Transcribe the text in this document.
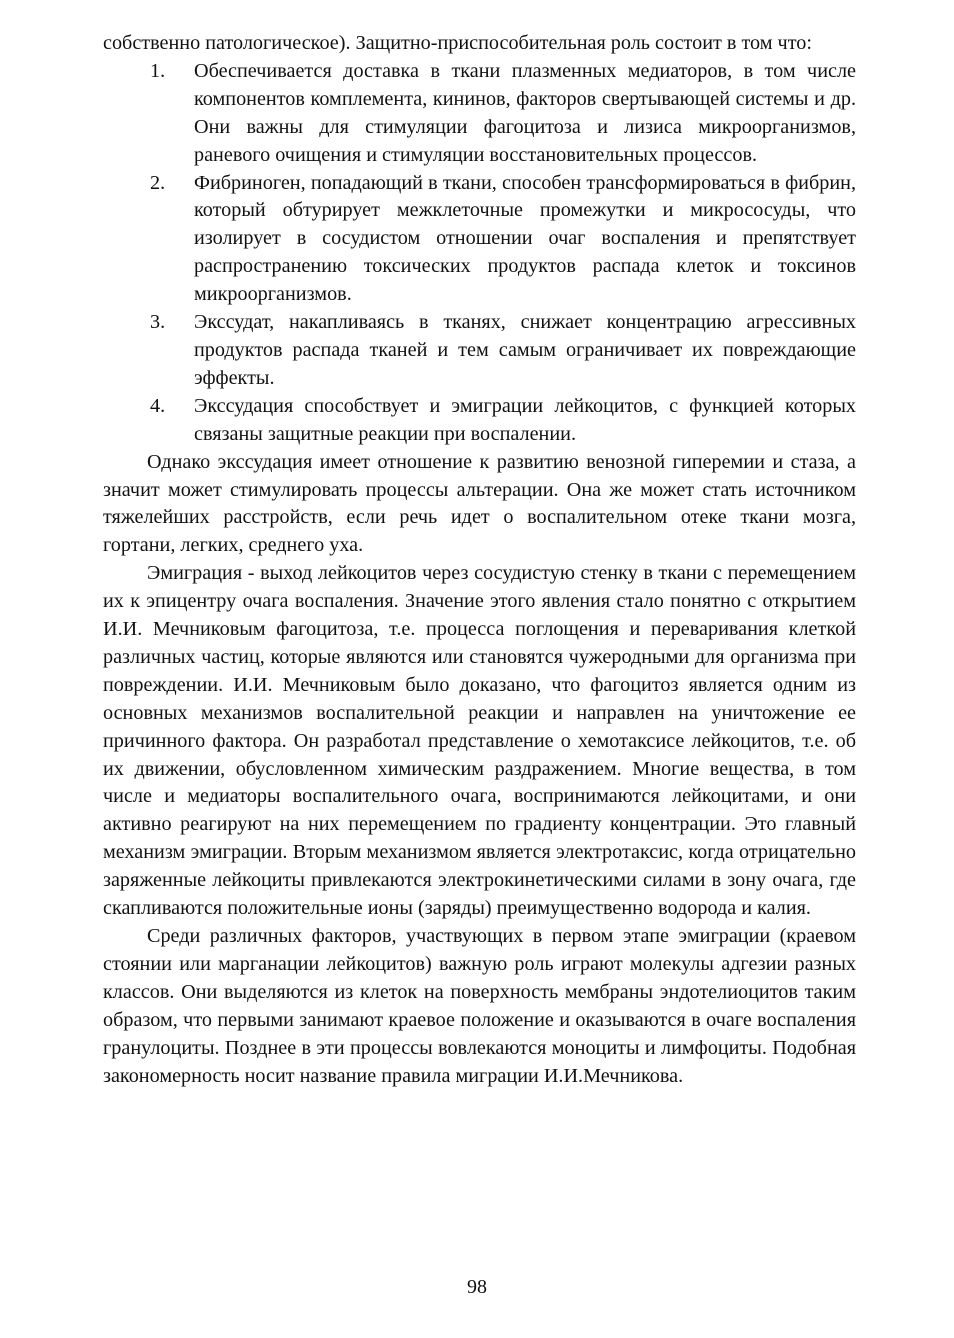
собственно патологическое). Защитно-приспособительная роль состоит в том что:

1. Обеспечивается доставка в ткани плазменных медиаторов, в том числе компонентов комплемента, кининов, факторов свертывающей системы и др. Они важны для стимуляции фагоцитоза и лизиса микроорганизмов, раневого очищения и стимуляции восстановительных процессов.
2. Фибриноген, попадающий в ткани, способен трансформироваться в фибрин, который обтурирует межклеточные промежутки и микрососуды, что изолирует в сосудистом отношении очаг воспаления и препятствует распространению токсических продуктов распада клеток и токсинов микроорганизмов.
3. Экссудат, накапливаясь в тканях, снижает концентрацию агрессивных продуктов распада тканей и тем самым ограничивает их повреждающие эффекты.
4. Экссудация способствует и эмиграции лейкоцитов, с функцией которых связаны защитные реакции при воспалении.

Однако экссудация имеет отношение к развитию венозной гиперемии и стаза, а значит может стимулировать процессы альтерации. Она же может стать источником тяжелейших расстройств, если речь идет о воспалительном отеке ткани мозга, гортани, легких, среднего уха.

Эмиграция - выход лейкоцитов через сосудистую стенку в ткани с перемещением их к эпицентру очага воспаления. Значение этого явления стало понятно с открытием И.И. Мечниковым фагоцитоза, т.е. процесса поглощения и переваривания клеткой различных частиц, которые являются или становятся чужеродными для организма при повреждении. И.И. Мечниковым было доказано, что фагоцитоз является одним из основных механизмов воспалительной реакции и направлен на уничтожение ее причинного фактора. Он разработал представление о хемотаксисе лейкоцитов, т.е. об их движении, обусловленном химическим раздражением. Многие вещества, в том числе и медиаторы воспалительного очага, воспринимаются лейкоцитами, и они активно реагируют на них перемещением по градиенту концентрации. Это главный механизм эмиграции. Вторым механизмом является электротаксис, когда отрицательно заряженные лейкоциты привлекаются электрокинетическими силами в зону очага, где скапливаются положительные ионы (заряды) преимущественно водорода и калия.

Среди различных факторов, участвующих в первом этапе эмиграции (краевом стоянии или марганации лейкоцитов) важную роль играют молекулы адгезии разных классов. Они выделяются из клеток на поверхность мембраны эндотелиоцитов таким образом, что первыми занимают краевое положение и оказываются в очаге воспаления гранулоциты. Позднее в эти процессы вовлекаются моноциты и лимфоциты. Подобная закономерность носит название правила миграции И.И.Мечникова.

98
